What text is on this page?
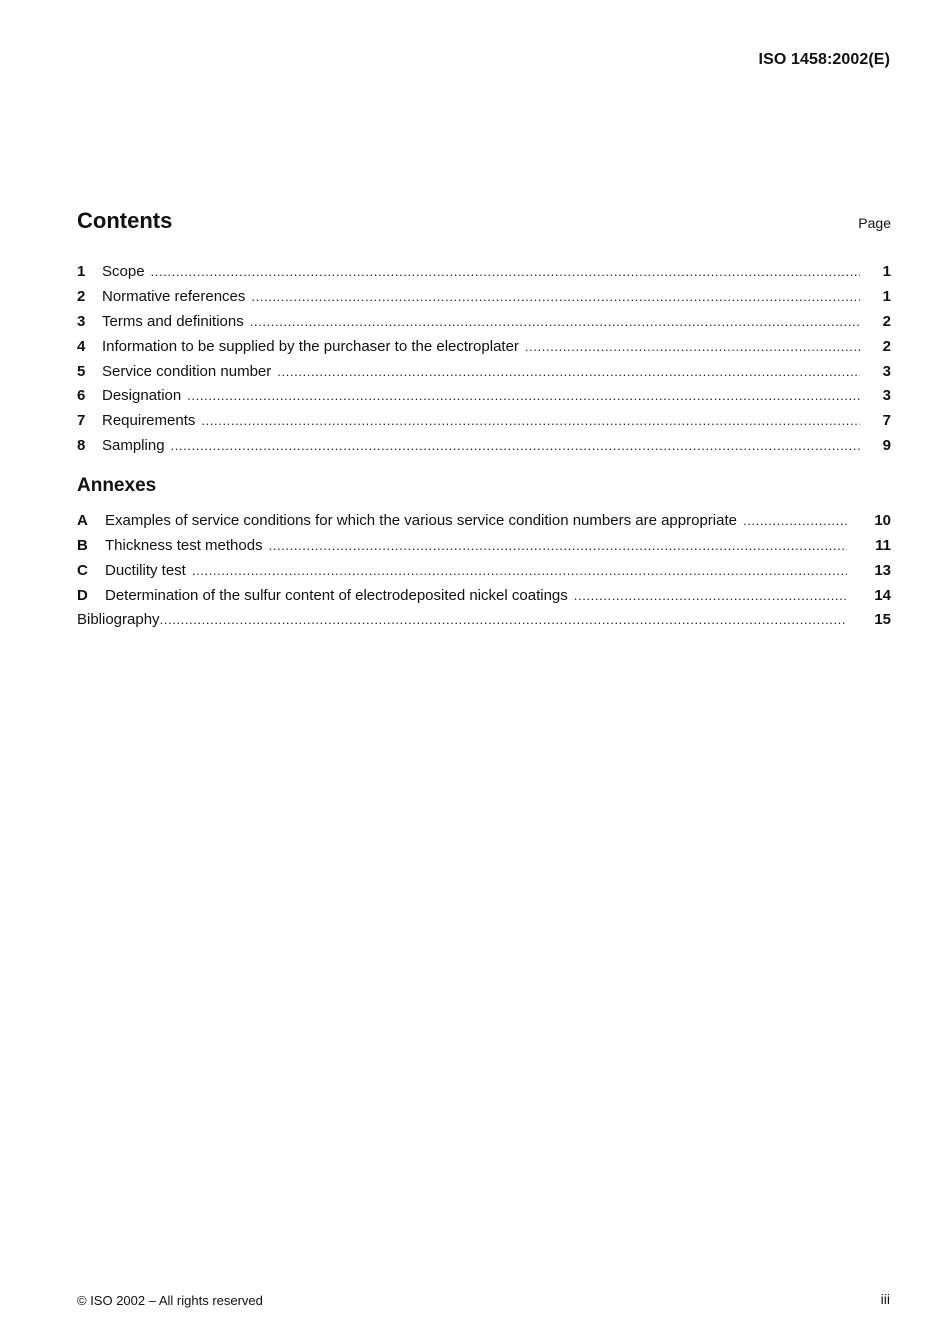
ISO 1458:2002(E)
Contents	Page
1	Scope .....	1
2	Normative references .....	1
3	Terms and definitions .....	2
4	Information to be supplied by the purchaser to the electroplater .....	2
5	Service condition number .....	3
6	Designation .....	3
7	Requirements .....	7
8	Sampling .....	9
Annexes
A	Examples of service conditions for which the various service condition numbers are appropriate .....	10
B	Thickness test methods .....	11
C	Ductility test .....	13
D	Determination of the sulfur content of electrodeposited nickel coatings .....	14
Bibliography .....	15
© ISO 2002 – All rights reserved	iii
